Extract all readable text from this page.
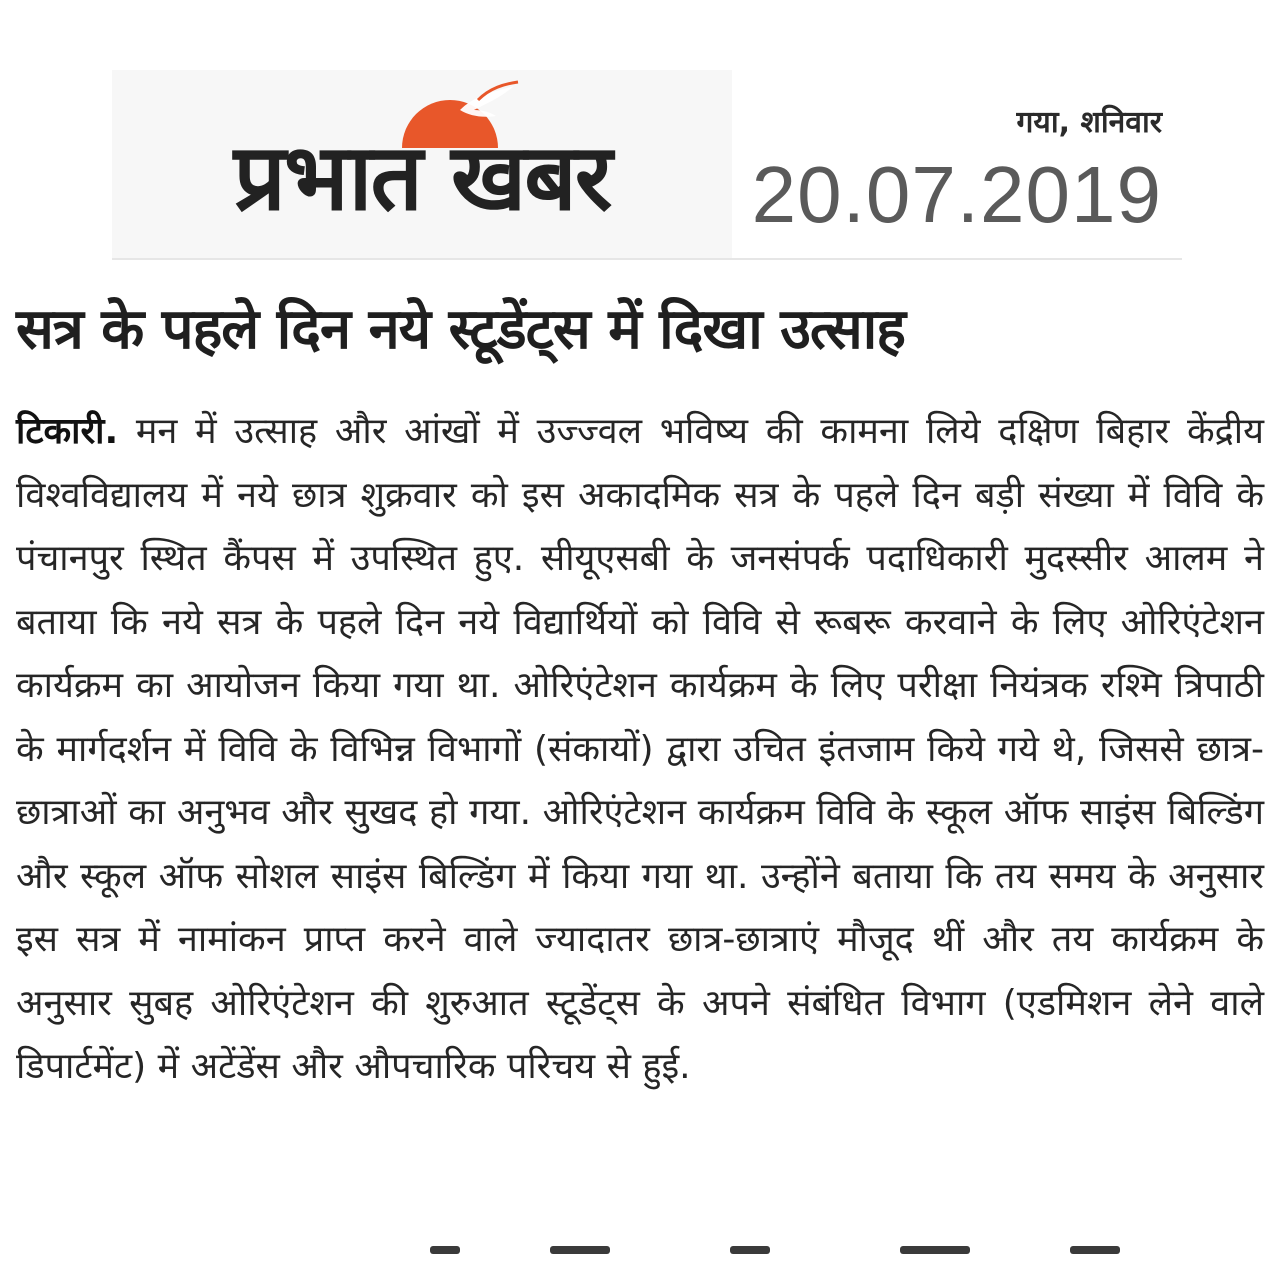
प्रभात खबर
गया, शनिवार
20.07.2019
सत्र के पहले दिन नये स्टूडेंट्स में दिखा उत्साह
टिकारी. मन में उत्साह और आंखों में उज्ज्वल भविष्य की कामना लिये दक्षिण बिहार केंद्रीय विश्वविद्यालय में नये छात्र शुक्रवार को इस अकादमिक सत्र के पहले दिन बड़ी संख्या में विवि के पंचानपुर स्थित कैंपस में उपस्थित हुए. सीयूएसबी के जनसंपर्क पदाधिकारी मुदस्सीर आलम ने बताया कि नये सत्र के पहले दिन नये विद्यार्थियों को विवि से रूबरू करवाने के लिए ओरिएंटेशन कार्यक्रम का आयोजन किया गया था. ओरिएंटेशन कार्यक्रम के लिए परीक्षा नियंत्रक रश्मि त्रिपाठी के मार्गदर्शन में विवि के विभिन्न विभागों (संकायों) द्वारा उचित इंतजाम किये गये थे, जिससे छात्र-छात्राओं का अनुभव और सुखद हो गया. ओरिएंटेशन कार्यक्रम विवि के स्कूल ऑफ साइंस बिल्डिंग और स्कूल ऑफ सोशल साइंस बिल्डिंग में किया गया था. उन्होंने बताया कि तय समय के अनुसार इस सत्र में नामांकन प्राप्त करने वाले ज्यादातर छात्र-छात्राएं मौजूद थीं और तय कार्यक्रम के अनुसार सुबह ओरिएंटेशन की शुरुआत स्टूडेंट्स के अपने संबंधित विभाग (एडमिशन लेने वाले डिपार्टमेंट) में अटेंडेंस और औपचारिक परिचय से हुई.
